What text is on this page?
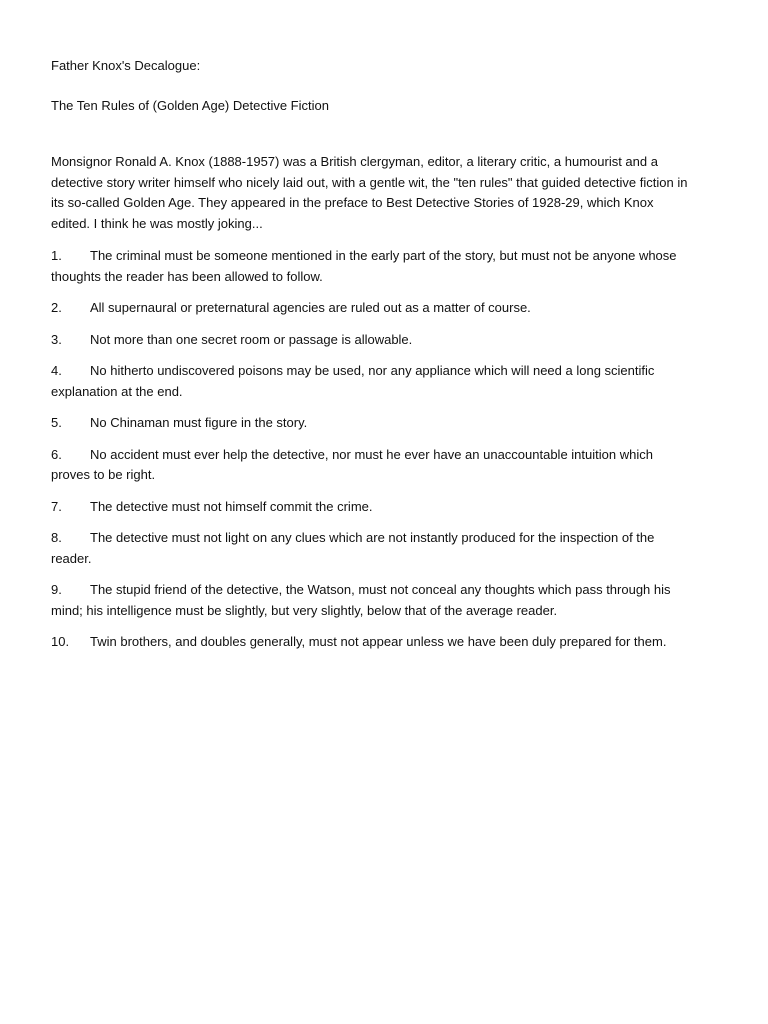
Father Knox's Decalogue:

The Ten Rules of (Golden Age) Detective Fiction

Monsignor Ronald A. Knox (1888-1957) was a British clergyman, editor, a literary critic, a humourist and a detective story writer himself who nicely laid out, with a gentle wit, the "ten rules" that guided detective fiction in its so-called Golden Age. They appeared in the preface to Best Detective Stories of 1928-29, which Knox edited. I think he was mostly joking...

1. The criminal must be someone mentioned in the early part of the story, but must not be anyone whose thoughts the reader has been allowed to follow.
2. All supernaural or preternatural agencies are ruled out as a matter of course.
3. Not more than one secret room or passage is allowable.
4. No hitherto undiscovered poisons may be used, nor any appliance which will need a long scientific explanation at the end.
5. No Chinaman must figure in the story.
6. No accident must ever help the detective, nor must he ever have an unaccountable intuition which proves to be right.
7. The detective must not himself commit the crime.
8. The detective must not light on any clues which are not instantly produced for the inspection of the reader.
9. The stupid friend of the detective, the Watson, must not conceal any thoughts which pass through his mind; his intelligence must be slightly, but very slightly, below that of the average reader.
10. Twin brothers, and doubles generally, must not appear unless we have been duly prepared for them.
